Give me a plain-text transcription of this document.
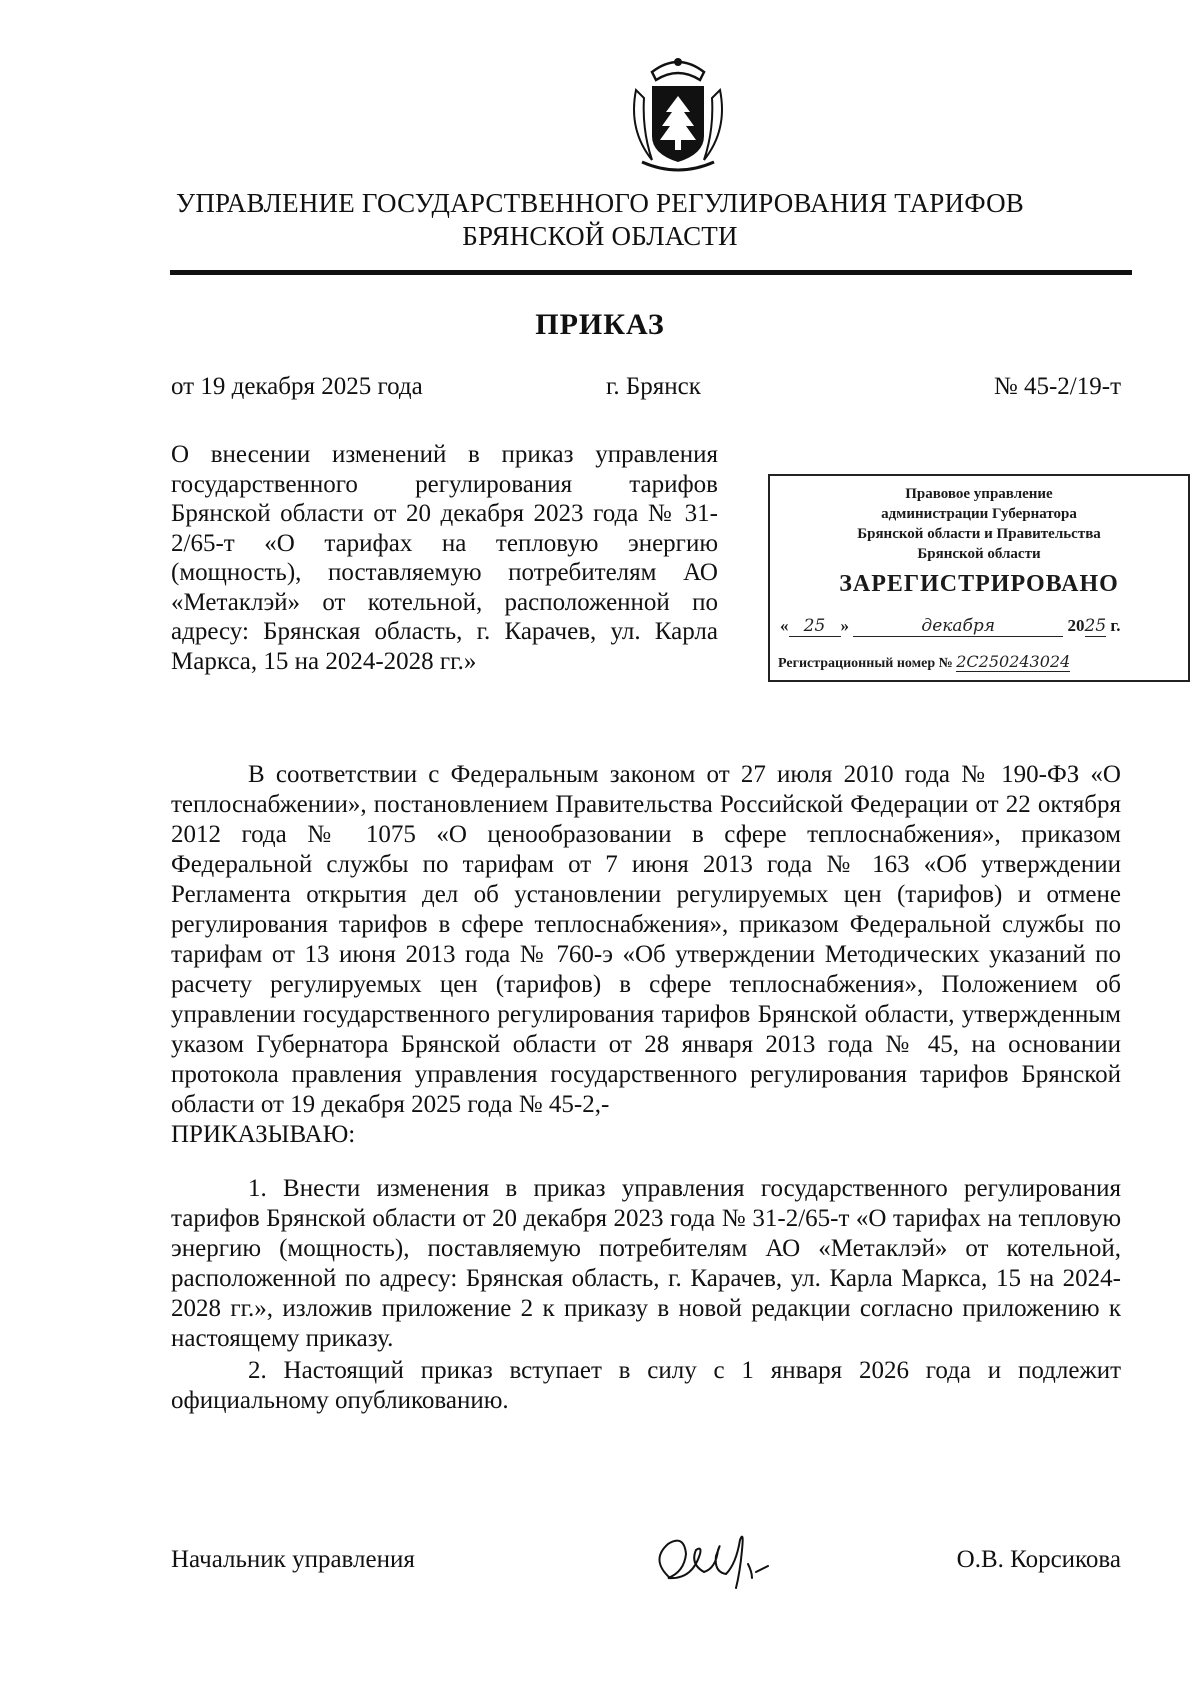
УПРАВЛЕНИЕ ГОСУДАРСТВЕННОГО РЕГУЛИРОВАНИЯ ТАРИФОВ
БРЯНСКОЙ ОБЛАСТИ
ПРИКАЗ
от 19 декабря 2025 года	г. Брянск	№ 45-2/19-т

О внесении изменений в приказ управления государственного регулирования тарифов Брянской области от 20 декабря 2023 года № 31-2/65-т «О тарифах на тепловую энергию (мощность), поставляемую потребителям АО «Метаклэй» от котельной, расположенной по адресу: Брянская область, г. Карачев, ул. Карла Маркса, 15 на 2024-2028 гг.»

Правовое управление
администрации Губернатора
Брянской области и Правительства
Брянской области
ЗАРЕГИСТРИРОВАНО
« 25 »	декабря	2025 г.
Регистрационный номер № 2С250243024

В соответствии с Федеральным законом от 27 июля 2010 года № 190-ФЗ «О теплоснабжении», постановлением Правительства Российской Федерации от 22 октября 2012 года № 1075 «О ценообразовании в сфере теплоснабжения», приказом Федеральной службы по тарифам от 7 июня 2013 года № 163 «Об утверждении Регламента открытия дел об установлении регулируемых цен (тарифов) и отмене регулирования тарифов в сфере теплоснабжения», приказом Федеральной службы по тарифам от 13 июня 2013 года № 760-э «Об утверждении Методических указаний по расчету регулируемых цен (тарифов) в сфере теплоснабжения», Положением об управлении государственного регулирования тарифов Брянской области, утвержденным указом Губернатора Брянской области от 28 января 2013 года № 45, на основании протокола правления управления государственного регулирования тарифов Брянской области от 19 декабря 2025 года № 45-2,-

ПРИКАЗЫВАЮ:

1. Внести изменения в приказ управления государственного регулирования тарифов Брянской области от 20 декабря 2023 года № 31-2/65-т «О тарифах на тепловую энергию (мощность), поставляемую потребителям АО «Метаклэй» от котельной, расположенной по адресу: Брянская область, г. Карачев, ул. Карла Маркса, 15 на 2024-2028 гг.», изложив приложение 2 к приказу в новой редакции согласно приложению к настоящему приказу.

2. Настоящий приказ вступает в силу с 1 января 2026 года и подлежит официальному опубликованию.

Начальник управления	О.В. Корсикова
